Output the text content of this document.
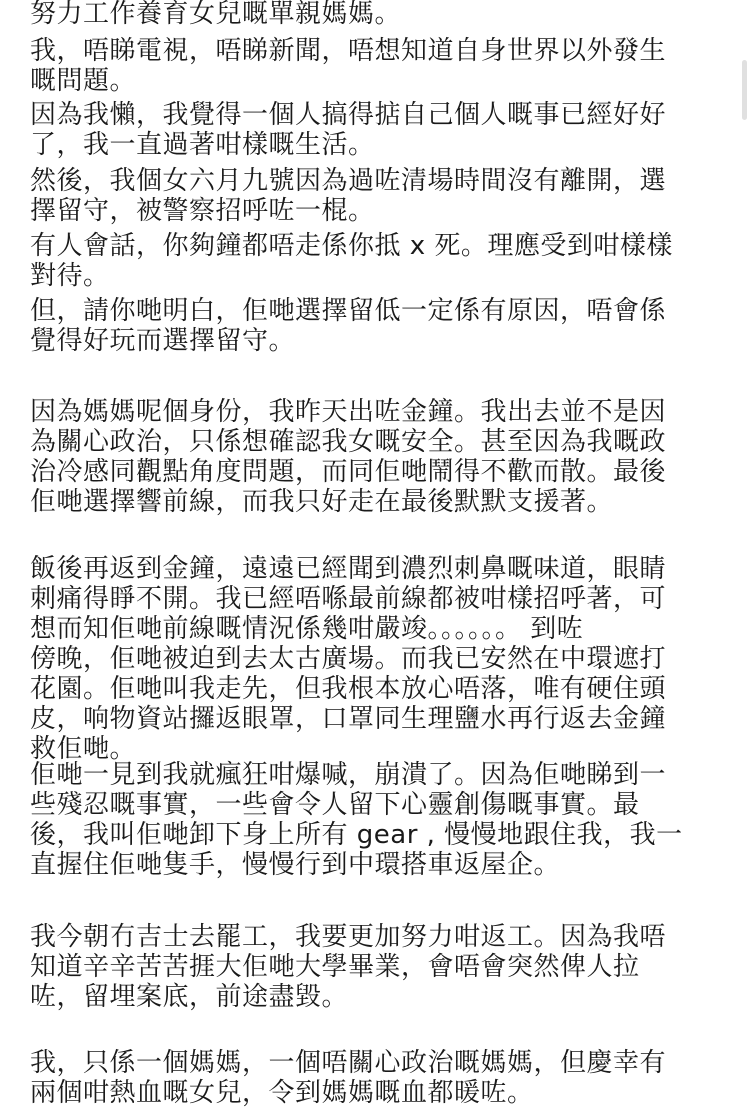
努力工作養育女兒嘅單親媽媽。

我，唔睇電視，唔睇新聞，唔想知道自身世界以外發生
嘅問題。

因為我懶，我覺得一個人搞得掂自己個人嘅事已經好好
了，我一直過著咁樣嘅生活。

然後，我個女六月九號因為過咗清場時間沒有離開，選
擇留守，被警察招呼咗一棍。

有人會話，你夠鐘都唔走係你抵 x 死。理應受到咁樣樣
對待。

但，請你哋明白，佢哋選擇留低一定係有原因，唔會係
覺得好玩而選擇留守。

因為媽媽呢個身份，我昨天出咗金鐘。我出去並不是因
為關心政治，只係想確認我女嘅安全。甚至因為我嘅政
治冷感同觀點角度問題，而同佢哋鬧得不歡而散。最後
佢哋選擇響前線，而我只好走在最後默默支援著。

飯後再返到金鐘，遠遠已經聞到濃烈刺鼻嘅味道，眼睛
刺痛得睜不開。我已經唔喺最前線都被咁樣招呼著，可
想而知佢哋前線嘅情況係幾咁嚴竣。。。。。。 到咗
傍晚，佢哋被迫到去太古廣場。而我已安然在中環遮打
花園。佢哋叫我走先，但我根本放心唔落，唯有硬住頭
皮，响物資站攞返眼罩，口罩同生理鹽水再行返去金鐘
救佢哋。

佢哋一見到我就瘋狂咁爆喊，崩潰了。因為佢哋睇到一
些殘忍嘅事實，一些會令人留下心靈創傷嘅事實。最
後，我叫佢哋卸下身上所有 gear , 慢慢地跟住我，我一
直握住佢哋隻手，慢慢行到中環搭車返屋企。

我今朝冇吉士去罷工，我要更加努力咁返工。因為我唔
知道辛辛苦苦捱大佢哋大學畢業，會唔會突然俾人拉
咗，留埋案底，前途盡毀。

我，只係一個媽媽，一個唔關心政治嘅媽媽，但慶幸有
兩個咁熱血嘅女兒，令到媽媽嘅血都暖咗。
